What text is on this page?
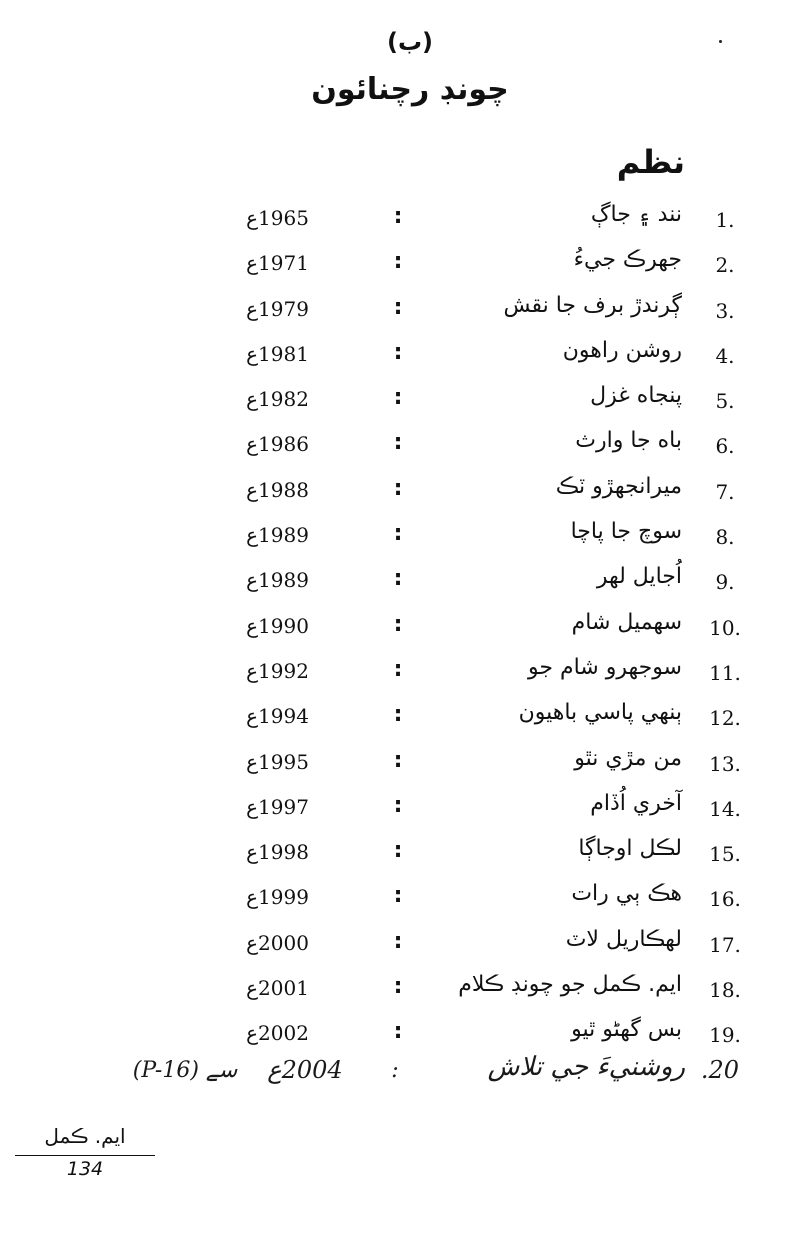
(ب)
چونڊ رچنائون
نظم
1.
نند ۽ جاڳ
:
1965ع
2.
جهرڪ جيءُ
:
1971ع
3.
ڳرندڙ برف جا نقش
:
1979ع
4.
روشن راهون
:
1981ع
5.
پنجاه غزل
:
1982ع
6.
باه جا وارث
:
1986ع
7.
ميرانجهڙو ٽڪ
:
1988ع
8.
سوچ جا پاچا
:
1989ع
9.
اُجايل لهر
:
1989ع
10.
سهميل شام
:
1990ع
11.
سوجهرو شام جو
:
1992ع
12.
ٻنهي پاسي باهيون
:
1994ع
13.
من مڙي نٿو
:
1995ع
14.
آخري اُڏام
:
1997ع
15.
لڪل اوجاڳا
:
1998ع
16.
هڪ ٻي رات
:
1999ع
17.
لهڪاريل لاٽ
:
2000ع
18.
ايم. ڪمل جو چونڊ ڪلام
:
2001ع
19.
بس گهڻو ٿيو
:
2002ع
.20
روشنيءَ جي تلاش
:
2004ع
(P-16) سے
ايم. ڪمل
134
